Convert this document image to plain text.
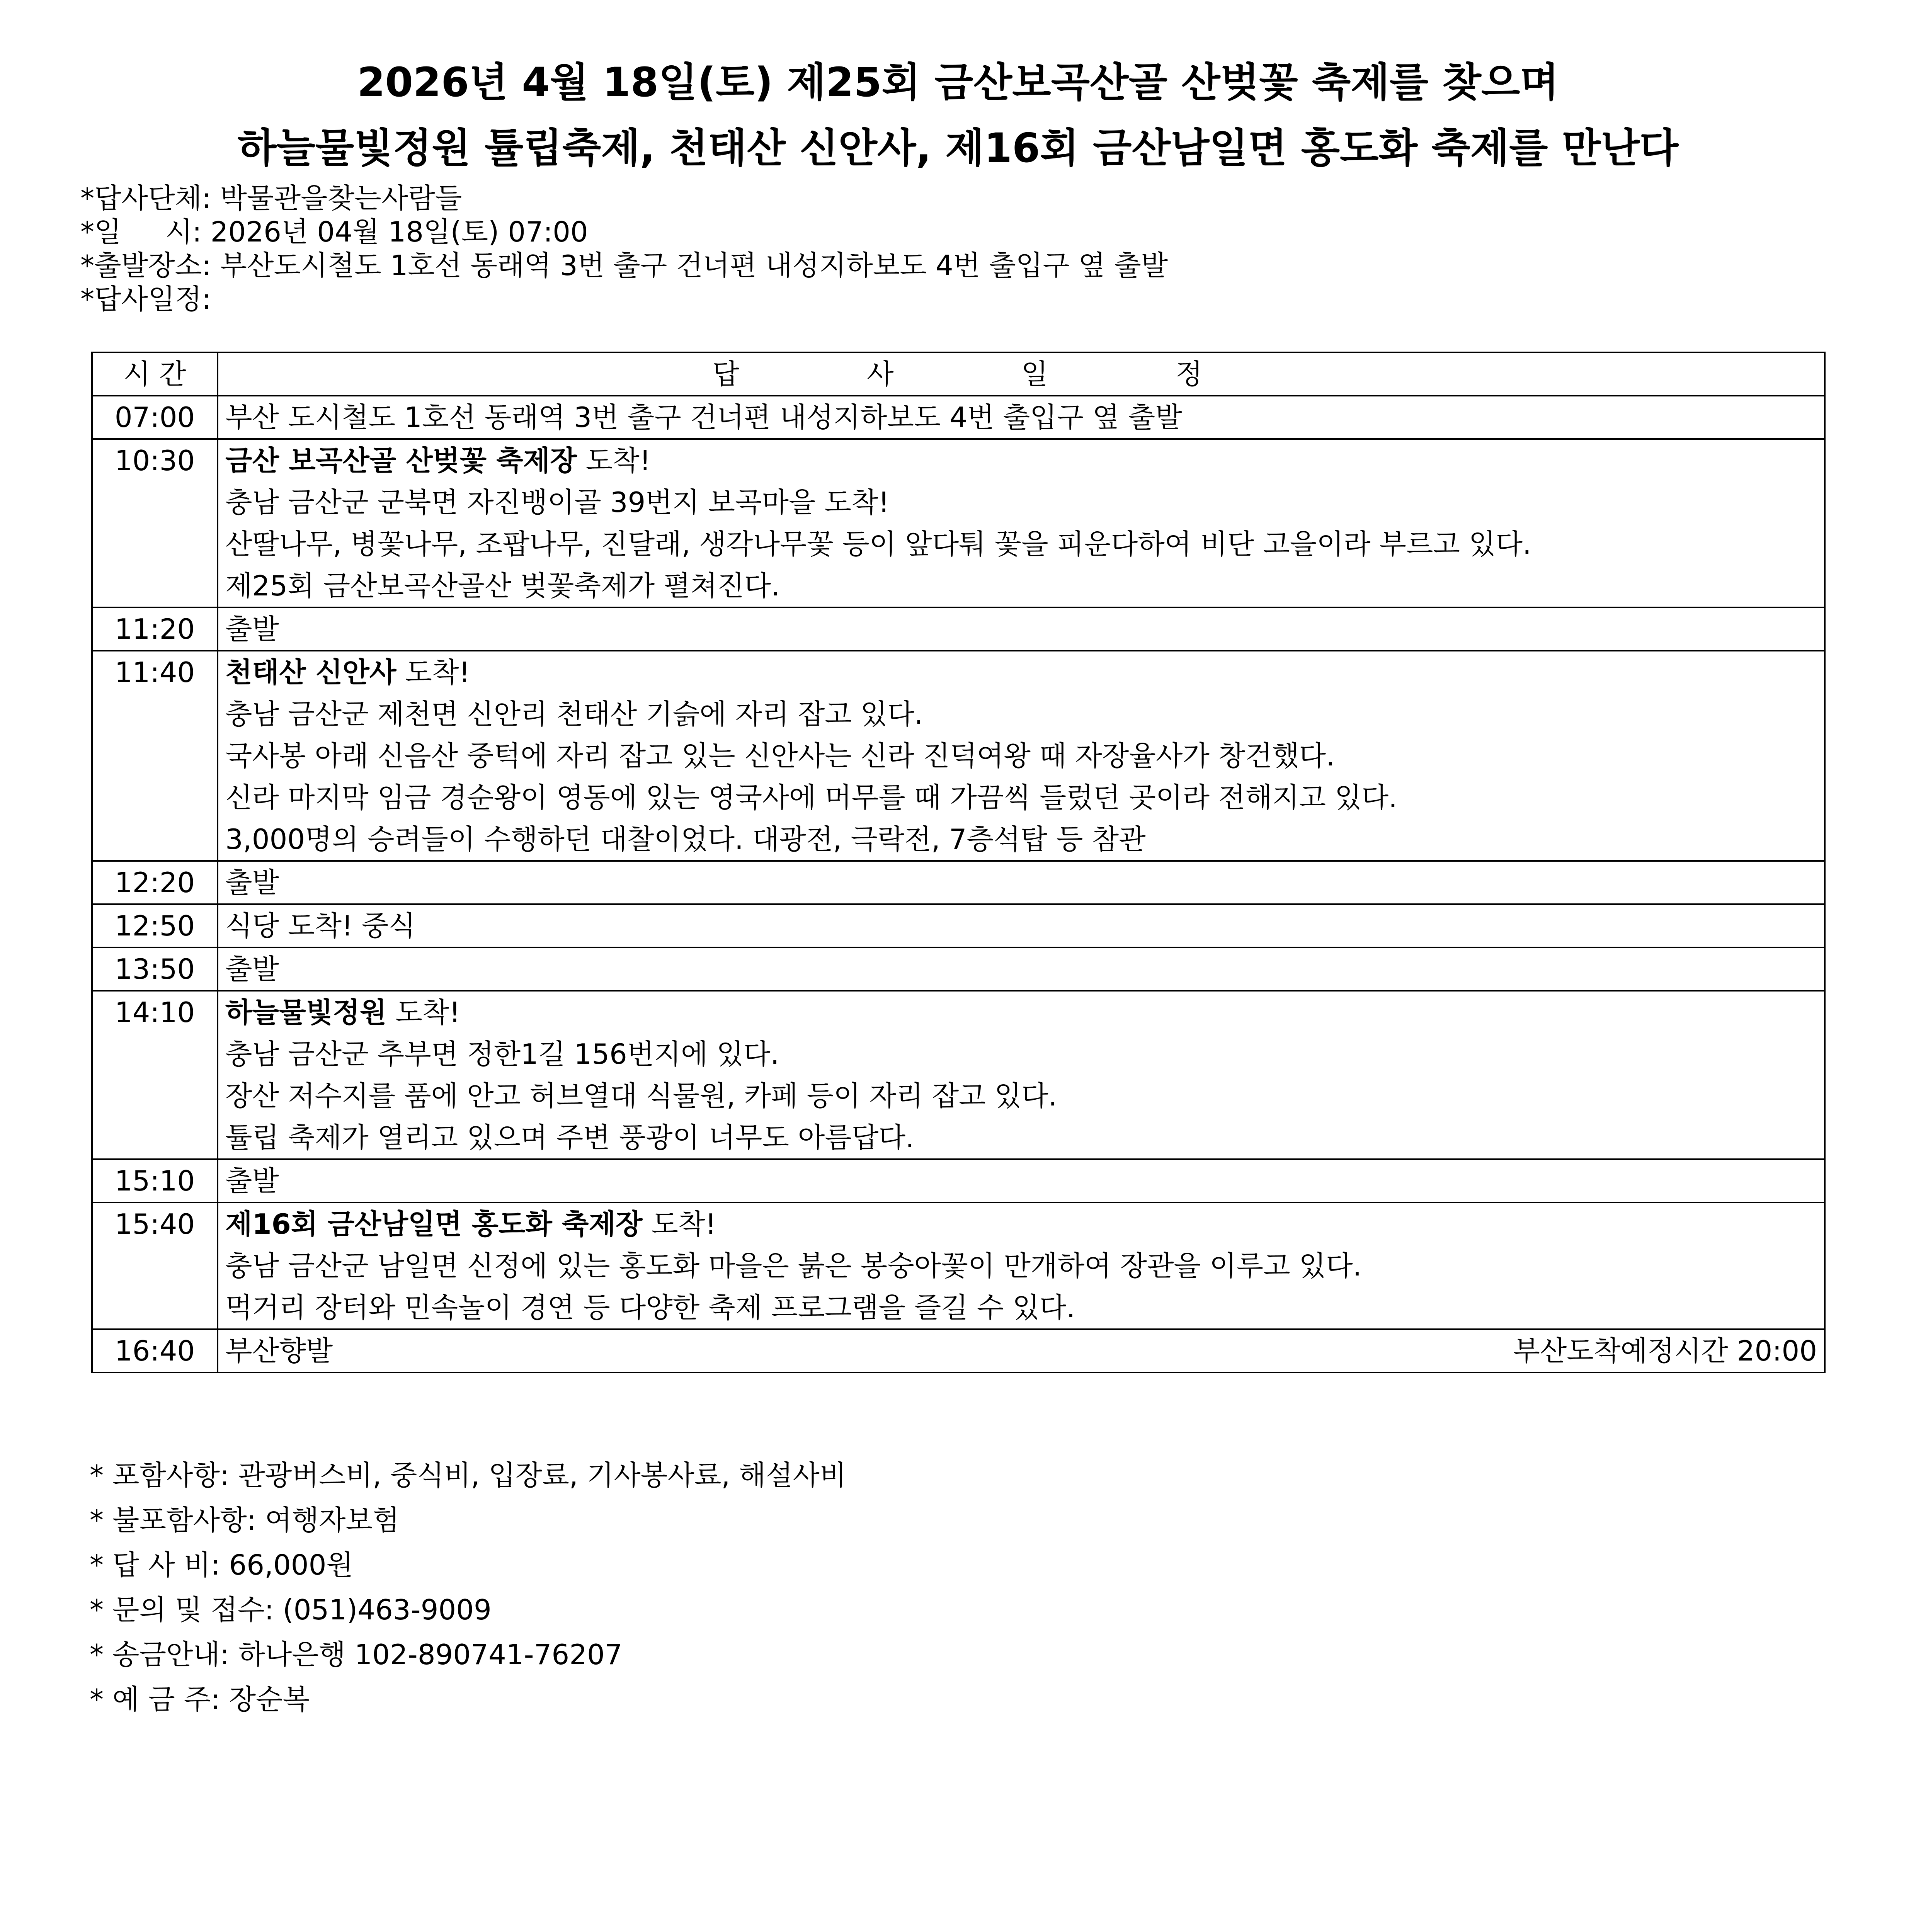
2026년 4월 18일(토) 제25회 금산보곡산골 산벚꽃 축제를 찾으며
하늘물빛정원 튤립축제, 천태산 신안사, 제16회 금산남일면 홍도화 축제를 만난다
*답사단체: 박물관을찾는사람들
*일     시: 2026년 04월 18일(토) 07:00
*출발장소: 부산도시철도 1호선 동래역 3번 출구 건너편 내성지하보도 4번 출입구 옆 출발
*답사일정:
시 간	답사일정
07:00	부산 도시철도 1호선 동래역 3번 출구 건너편 내성지하보도 4번 출입구 옆 출발

10:30	금산 보곡산골 산벚꽃 축제장 도착!
충남 금산군 군북면 자진뱅이골 39번지 보곡마을 도착!
산딸나무, 병꽃나무, 조팝나무, 진달래, 생각나무꽃 등이 앞다퉈 꽃을 피운다하여 비단 고을이라 부르고 있다.
제25회 금산보곡산골산 벚꽃축제가 펼쳐진다.

11:20	출발

11:40	천태산 신안사 도착!
충남 금산군 제천면 신안리 천태산 기슭에 자리 잡고 있다.
국사봉 아래 신음산 중턱에 자리 잡고 있는 신안사는 신라 진덕여왕 때 자장율사가 창건했다.
신라 마지막 임금 경순왕이 영동에 있는 영국사에 머무를 때 가끔씩 들렀던 곳이라 전해지고 있다.
3,000명의 승려들이 수행하던 대찰이었다. 대광전, 극락전, 7층석탑 등 참관

12:20	출발

12:50	식당 도착! 중식

13:50	출발

14:10	하늘물빛정원 도착!
충남 금산군 추부면 정한1길 156번지에 있다.
장산 저수지를 품에 안고 허브열대 식물원, 카페 등이 자리 잡고 있다.
튤립 축제가 열리고 있으며 주변 풍광이 너무도 아름답다.

15:10	출발

15:40	제16회 금산남일면 홍도화 축제장 도착!
충남 금산군 남일면 신정에 있는 홍도화 마을은 붉은 봉숭아꽃이 만개하여 장관을 이루고 있다.
먹거리 장터와 민속놀이 경연 등 다양한 축제 프로그램을 즐길 수 있다.

16:40	부산향발 부산도착예정시간 20:00
* 포함사항: 관광버스비, 중식비, 입장료, 기사봉사료, 해설사비
* 불포함사항: 여행자보험
* 답 사 비: 66,000원
* 문의 및 접수: (051)463-9009
* 송금안내: 하나은행 102-890741-76207
* 예 금 주: 장순복
